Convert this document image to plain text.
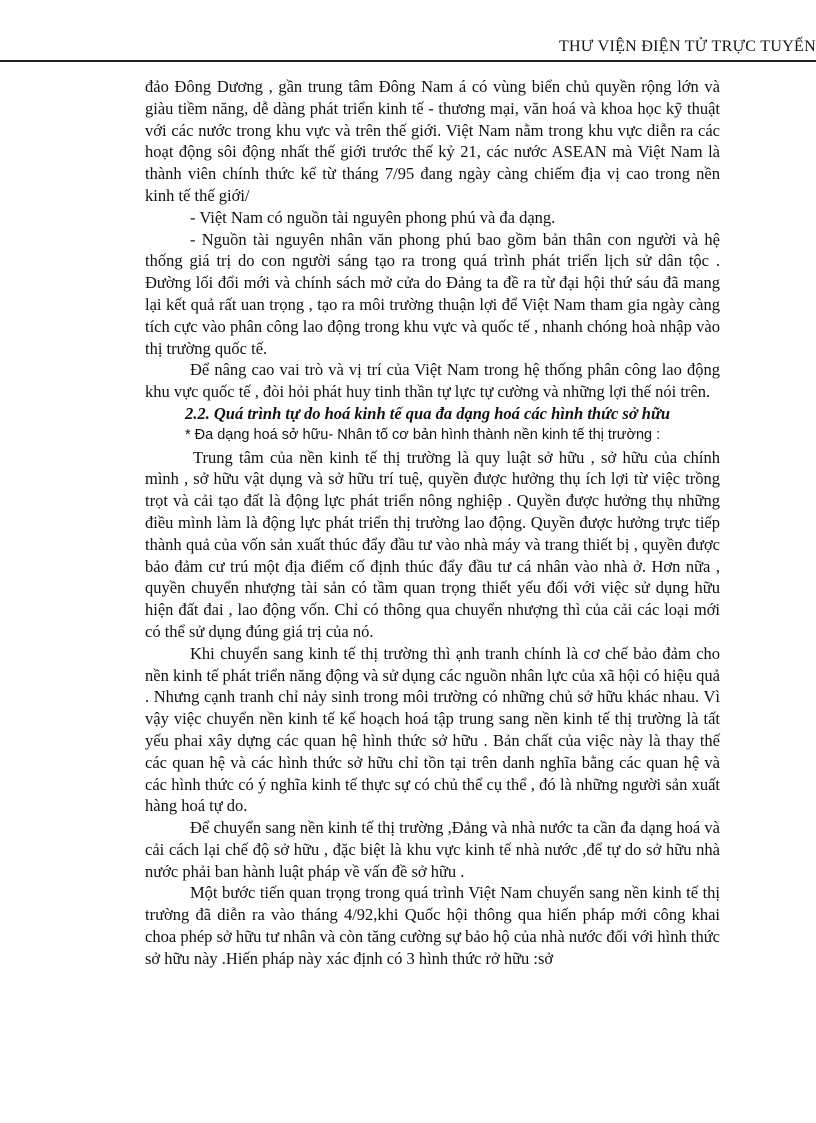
THƯ VIỆN ĐIỆN TỬ TRỰC TUYẾN

đảo Đông Dương , gần trung tâm Đông Nam á có vùng biển chủ quyền rộng lớn và giàu tiềm năng, dễ dàng phát triển kinh tế - thương mại, văn hoá và khoa học kỹ thuật với các nước trong khu vực và trên thế giới. Việt Nam nằm trong khu vực diễn ra các hoạt động sôi động nhất thế giới trước thế kỷ 21, các nước ASEAN mà Việt Nam là thành viên chính thức kể từ tháng 7/95 đang ngày càng chiếm địa vị cao trong nền kinh tế thế giới/

- Việt Nam có nguồn tài nguyên phong phú và đa dạng.

- Nguồn tài nguyên nhân văn phong phú bao gồm bản thân con người và hệ thống giá trị do con người sáng tạo ra trong quá trình phát triển lịch sử dân tộc . Đường lối đổi mới và chính sách mở cửa do Đảng ta đề ra từ đại hội thứ sáu đã mang lại kết quả rất uan trọng , tạo ra môi trường thuận lợi để Việt Nam tham gia ngày càng tích cực vào phân công lao động trong khu vực và quốc tế , nhanh chóng hoà nhập vào thị trường quốc tế.

Để nâng cao vai trò và vị trí của Việt Nam trong hệ thống phân công lao động khu vực quốc tế , đòi hỏi phát huy tinh thần tự lực tự cường và những lợi thế nói trên.

2.2. Quá trình tự do hoá kinh tế qua đa dạng hoá các hình thức sở hữu

* Đa dạng hoá sở hữu- Nhân tố cơ bản hình thành nền kinh tế thị trường :

Trung tâm của nền kinh tế thị trường là quy luật sở hữu , sở hữu của chính mình , sở hữu vật dụng và sở hữu trí tuệ, quyền được hưởng thụ ích lợi từ việc trồng trọt và cải tạo đất là động lực phát triển nông nghiệp . Quyền được hưởng thụ những điều mình làm là động lực phát triển thị trường lao động. Quyền được hưởng trực tiếp thành quả của vốn sản xuất thúc đẩy đầu tư vào nhà máy và trang thiết bị , quyền được bảo đảm cư trú một địa điểm cố định thúc đẩy đầu tư cá nhân vào nhà ở. Hơn nữa , quyền chuyển nhượng tài sản có tầm quan trọng thiết yếu đối với việc sử dụng hữu hiện đất đai , lao động vốn. Chỉ có thông qua chuyển nhượng thì của cải các loại mới có thể sử dụng đúng giá trị của nó.

Khi chuyển sang kinh tế thị trường thì ạnh tranh chính là cơ chế bảo đảm cho nền kinh tế phát triển năng động và sử dụng các nguồn nhân lực của xã hội có hiệu quả . Nhưng cạnh tranh chỉ nảy sinh trong môi trường có những chủ sở hữu khác nhau. Vì vậy việc chuyển nền kinh tế kế hoạch hoá tập trung sang nền kinh tế thị trường là tất yếu phai xây dựng các quan hệ hình thức sở hữu . Bản chất của việc này là thay thế các quan hệ và các hình thức sở hữu chỉ tồn tại trên danh nghĩa bằng các quan hệ và các hình thức có ý nghĩa kinh tế thực sự có chủ thể cụ thể , đó là những người sản xuất hàng hoá tự do.

Để chuyển sang nền kinh tế thị trường ,Đảng và nhà nước ta cần đa dạng hoá và cải cách lại chế độ sở hữu , đặc biệt là khu vực kinh tế nhà nước ,để tự do sở hữu nhà nước phải ban hành luật pháp về vấn đề sở hữu .

Một bước tiến quan trọng trong quá trình Việt Nam chuyển sang nền kinh tế thị trường đã diễn ra vào tháng 4/92,khi Quốc hội thông qua hiến pháp mới công khai choa phép sở hữu tư nhân và còn tăng cường sự bảo hộ của nhà nước đối với hình thức sở hữu này .Hiến pháp này xác định có 3 hình thức rở hữu :sở
